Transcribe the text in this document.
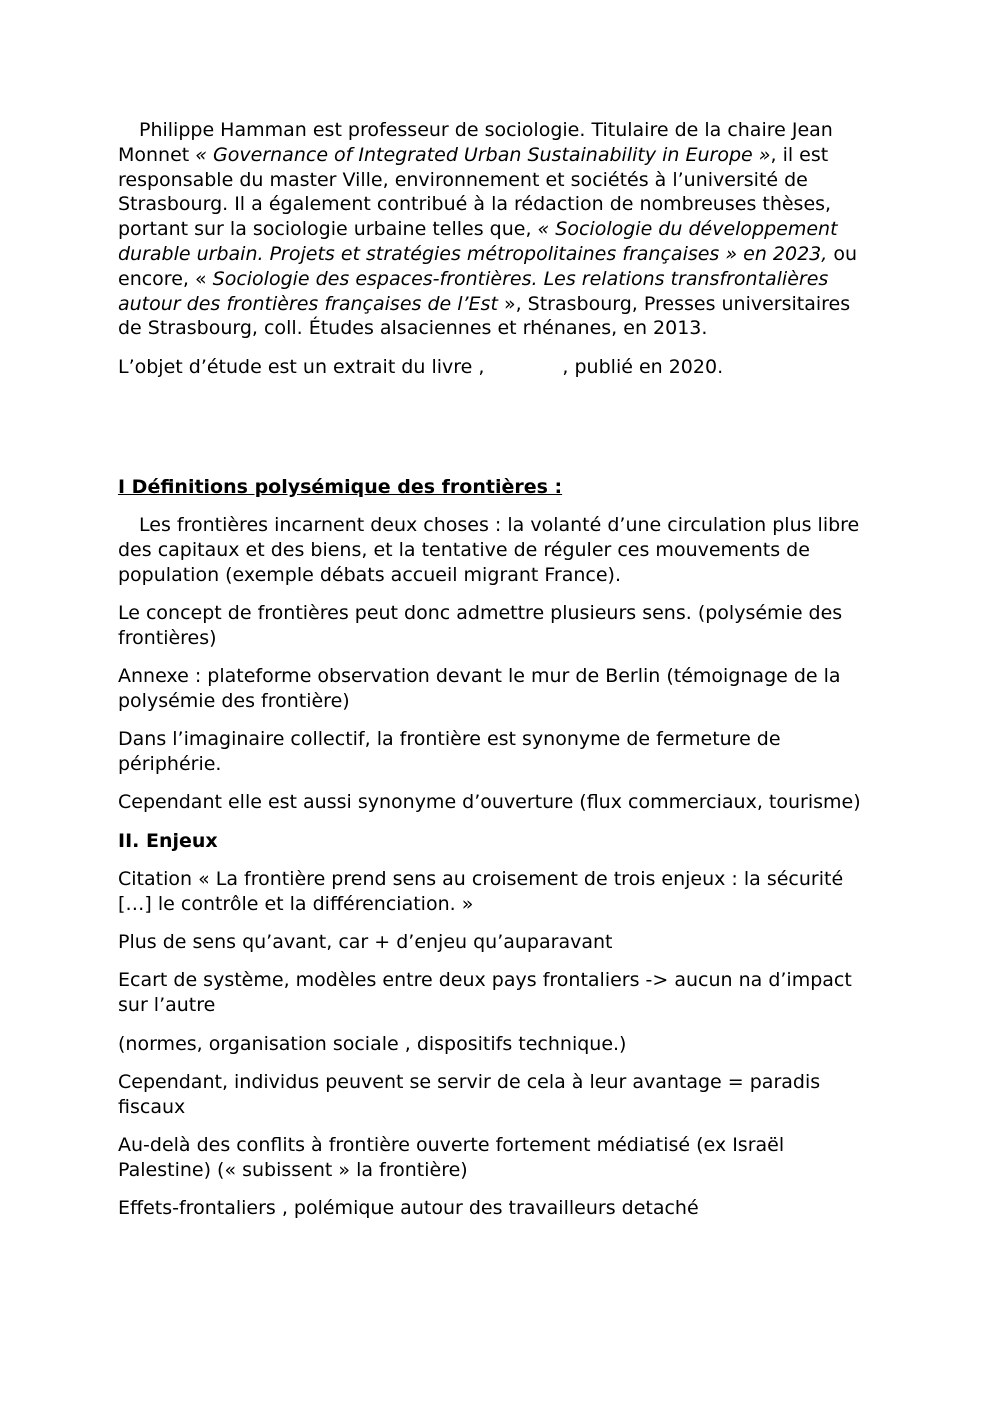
Philippe Hamman est professeur de sociologie. Titulaire de la chaire Jean Monnet « Governance of Integrated Urban Sustainability in Europe », il est responsable du master Ville, environnement et sociétés à l’université de Strasbourg. Il a également contribué à la rédaction de nombreuses thèses, portant sur la sociologie urbaine telles que, « Sociologie du développement durable urbain. Projets et stratégies métropolitaines françaises » en 2023, ou encore, « Sociologie des espaces-frontières. Les relations transfrontalières autour des frontières françaises de l’Est », Strasbourg, Presses universitaires de Strasbourg, coll. Études alsaciennes et rhénanes, en 2013.

L’objet d’étude est un extrait du livre ,	, publié en 2020.

I Définitions polysémique des frontières :

Les frontières incarnent deux choses : la volanté d’une circulation plus libre des capitaux et des biens, et la tentative de réguler ces mouvements de population (exemple débats accueil migrant France).

Le concept de frontières peut donc admettre plusieurs sens. (polysémie des frontières)

Annexe : plateforme observation devant le mur de Berlin (témoignage de la polysémie des frontière)

Dans l’imaginaire collectif, la frontière est synonyme de fermeture de périphérie.

Cependant elle est aussi synonyme d’ouverture (flux commerciaux, tourisme)

II. Enjeux

Citation « La frontière prend sens au croisement de trois enjeux : la sécurité […] le contrôle et la différenciation. »

Plus de sens qu’avant, car + d’enjeu qu’auparavant

Ecart de système, modèles entre deux pays frontaliers -> aucun na d’impact sur l’autre

(normes, organisation sociale , dispositifs technique.)

Cependant, individus peuvent se servir de cela à leur avantage = paradis fiscaux

Au-delà des conflits à frontière ouverte fortement médiatisé (ex Israël Palestine) (« subissent » la frontière)

Effets-frontaliers , polémique autour des travailleurs detaché
